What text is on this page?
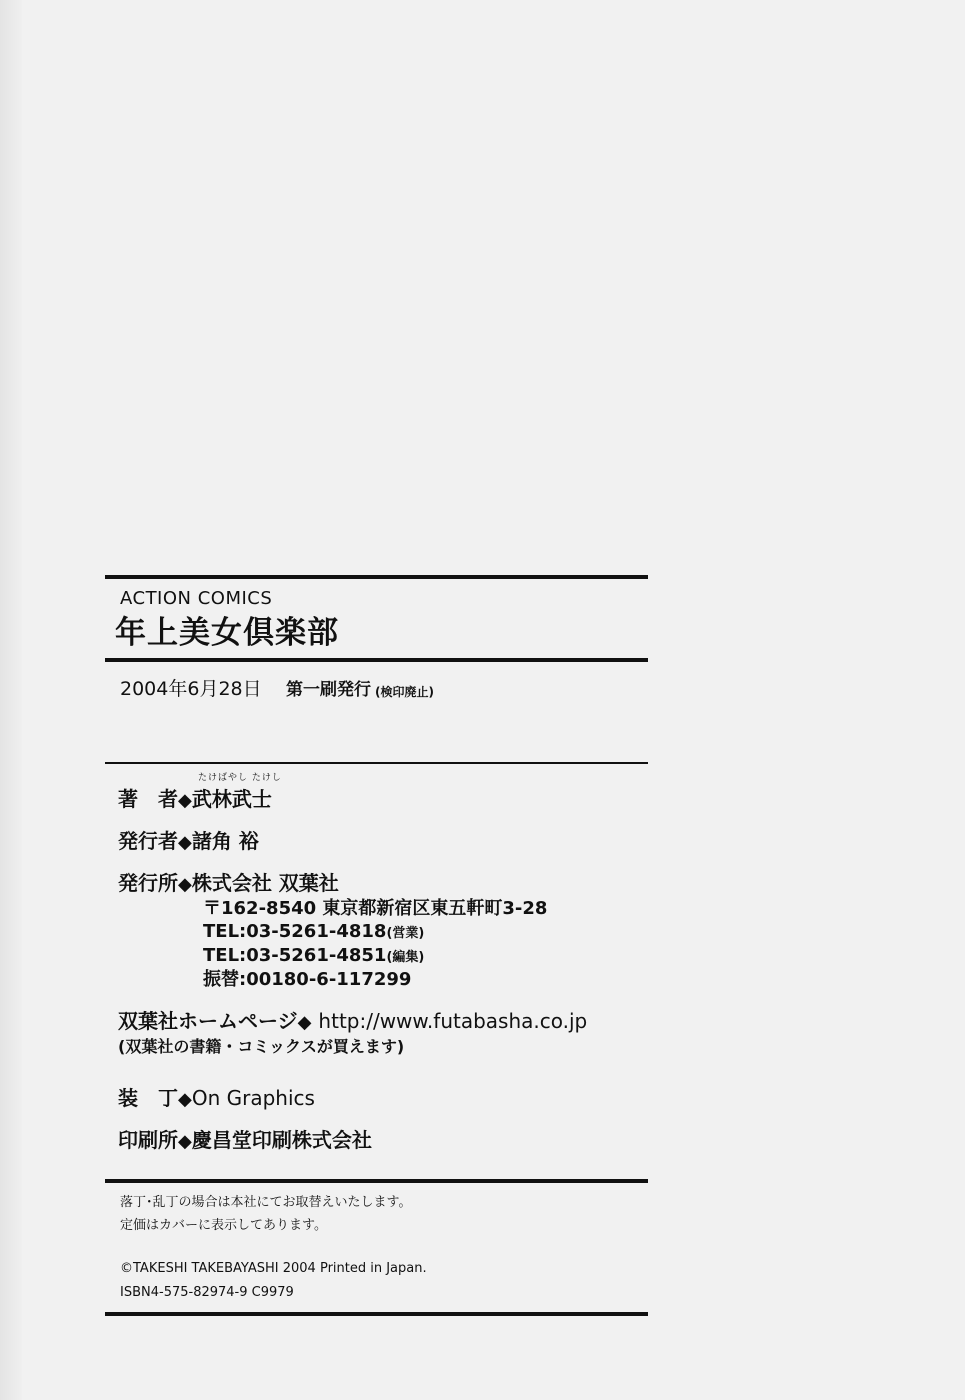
ACTION COMICS
年上美女倶楽部
2004年6月28日 第一刷発行 (検印廃止)
たけばやし たけし
著　者◆武林武士
発行者◆諸角 裕
発行所◆株式会社 双葉社
〒162-8540 東京都新宿区東五軒町3-28
TEL:03-5261-4818(営業)
TEL:03-5261-4851(編集)
振替:00180-6-117299
双葉社ホームページ◆ http://www.futabasha.co.jp
(双葉社の書籍・コミックスが買えます)
装　丁◆On Graphics
印刷所◆慶昌堂印刷株式会社
落丁･乱丁の場合は本社にてお取替えいたします。
定価はカバーに表示してあります。
©TAKESHI TAKEBAYASHI 2004 Printed in Japan.
ISBN4-575-82974-9 C9979
